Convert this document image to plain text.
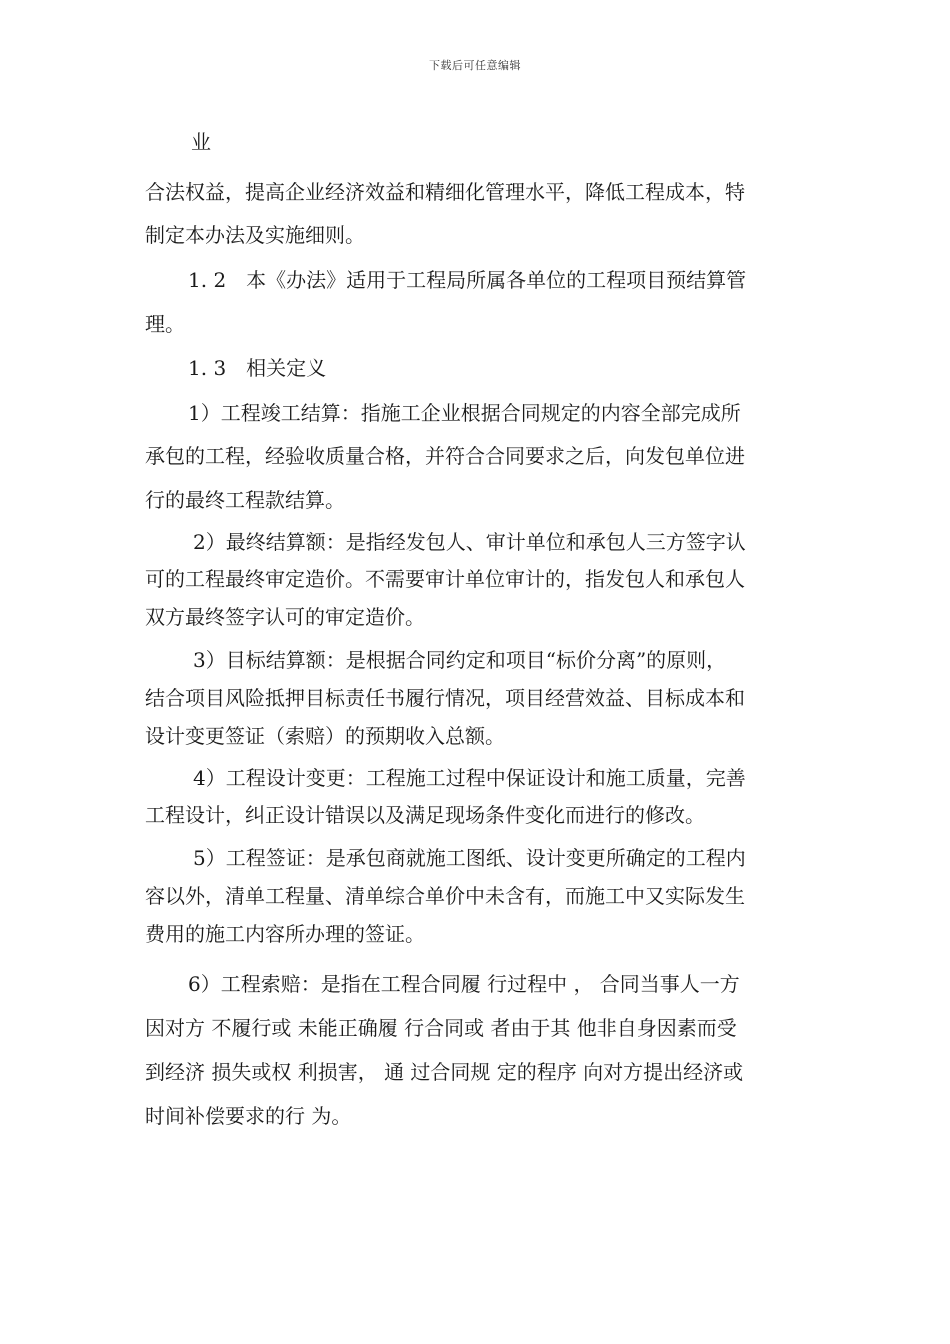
下载后可任意编辑
业
合法权益，提高企业经济效益和精细化管理水平，降低工程成本，特
制定本办法及实施细则。
1. 2　本《办法》适用于工程局所属各单位的工程项目预结算管
理。
1. 3　相关定义
1）工程竣工结算：指施工企业根据合同规定的内容全部完成所
承包的工程，经验收质量合格，并符合合同要求之后，向发包单位进
行的最终工程款结算。
2）最终结算额：是指经发包人、审计单位和承包人三方签字认
可的工程最终审定造价。不需要审计单位审计的，指发包人和承包人
双方最终签字认可的审定造价。
3）目标结算额：是根据合同约定和项目“标价分离”的原则，
结合项目风险抵押目标责任书履行情况，项目经营效益、目标成本和
设计变更签证（索赔）的预期收入总额。
4）工程设计变更：工程施工过程中保证设计和施工质量，完善
工程设计，纠正设计错误以及满足现场条件变化而进行的修改。
5）工程签证：是承包商就施工图纸、设计变更所确定的工程内
容以外，清单工程量、清单综合单价中未含有，而施工中又实际发生
费用的施工内容所办理的签证。
6）工程索赔：是指在工程合同履 行过程中 ， 合同当事人一方
因对方 不履行或 未能正确履 行合同或 者由于其 他非自身因素而受
到经济 损失或权 利损害， 通 过合同规 定的程序 向对方提出经济或
时间补偿要求的行 为。
